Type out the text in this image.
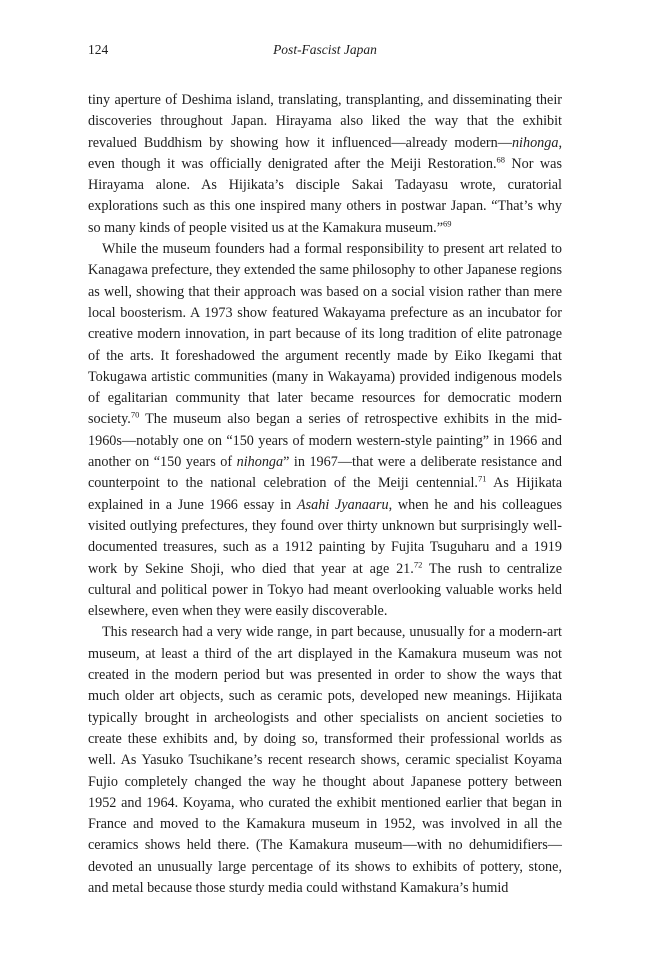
124	Post-Fascist Japan

tiny aperture of Deshima island, translating, transplanting, and disseminating their discoveries throughout Japan. Hirayama also liked the way that the exhibit revalued Buddhism by showing how it influenced—already modern—nihonga, even though it was officially denigrated after the Meiji Restoration.$^{68}$ Nor was Hirayama alone. As Hijikata’s disciple Sakai Tadayasu wrote, curatorial explorations such as this one inspired many others in postwar Japan. “That’s why so many kinds of people visited us at the Kamakura museum.”$^{69}$

While the museum founders had a formal responsibility to present art related to Kanagawa prefecture, they extended the same philosophy to other Japanese regions as well, showing that their approach was based on a social vision rather than mere local boosterism. A 1973 show featured Wakayama prefecture as an incubator for creative modern innovation, in part because of its long tradition of elite patronage of the arts. It foreshadowed the argument recently made by Eiko Ikegami that Tokugawa artistic communities (many in Wakayama) provided indigenous models of egalitarian community that later became resources for democratic modern society.$^{70}$ The museum also began a series of retrospective exhibits in the mid-1960s—notably one on “150 years of modern western-style painting” in 1966 and another on “150 years of nihonga” in 1967—that were a deliberate resistance and counterpoint to the national celebration of the Meiji centennial.$^{71}$ As Hijikata explained in a June 1966 essay in Asahi Jyanaaru, when he and his colleagues visited outlying prefectures, they found over thirty unknown but surprisingly well-documented treasures, such as a 1912 painting by Fujita Tsuguharu and a 1919 work by Sekine Shoji, who died that year at age 21.72 The rush to centralize cultural and political power in Tokyo had meant overlooking valuable works held elsewhere, even when they were easily discoverable.

This research had a very wide range, in part because, unusually for a modern-art museum, at least a third of the art displayed in the Kamakura museum was not created in the modern period but was presented in order to show the ways that much older art objects, such as ceramic pots, developed new meanings. Hijikata typically brought in archeologists and other specialists on ancient societies to create these exhibits and, by doing so, transformed their professional worlds as well. As Yasuko Tsuchikane’s recent research shows, ceramic specialist Koyama Fujio completely changed the way he thought about Japanese pottery between 1952 and 1964. Koyama, who curated the exhibit mentioned earlier that began in France and moved to the Kamakura museum in 1952, was involved in all the ceramics shows held there. (The Kamakura museum—with no dehumidifiers—devoted an unusually large percentage of its shows to exhibits of pottery, stone, and metal because those sturdy media could withstand Kamakura’s humid
